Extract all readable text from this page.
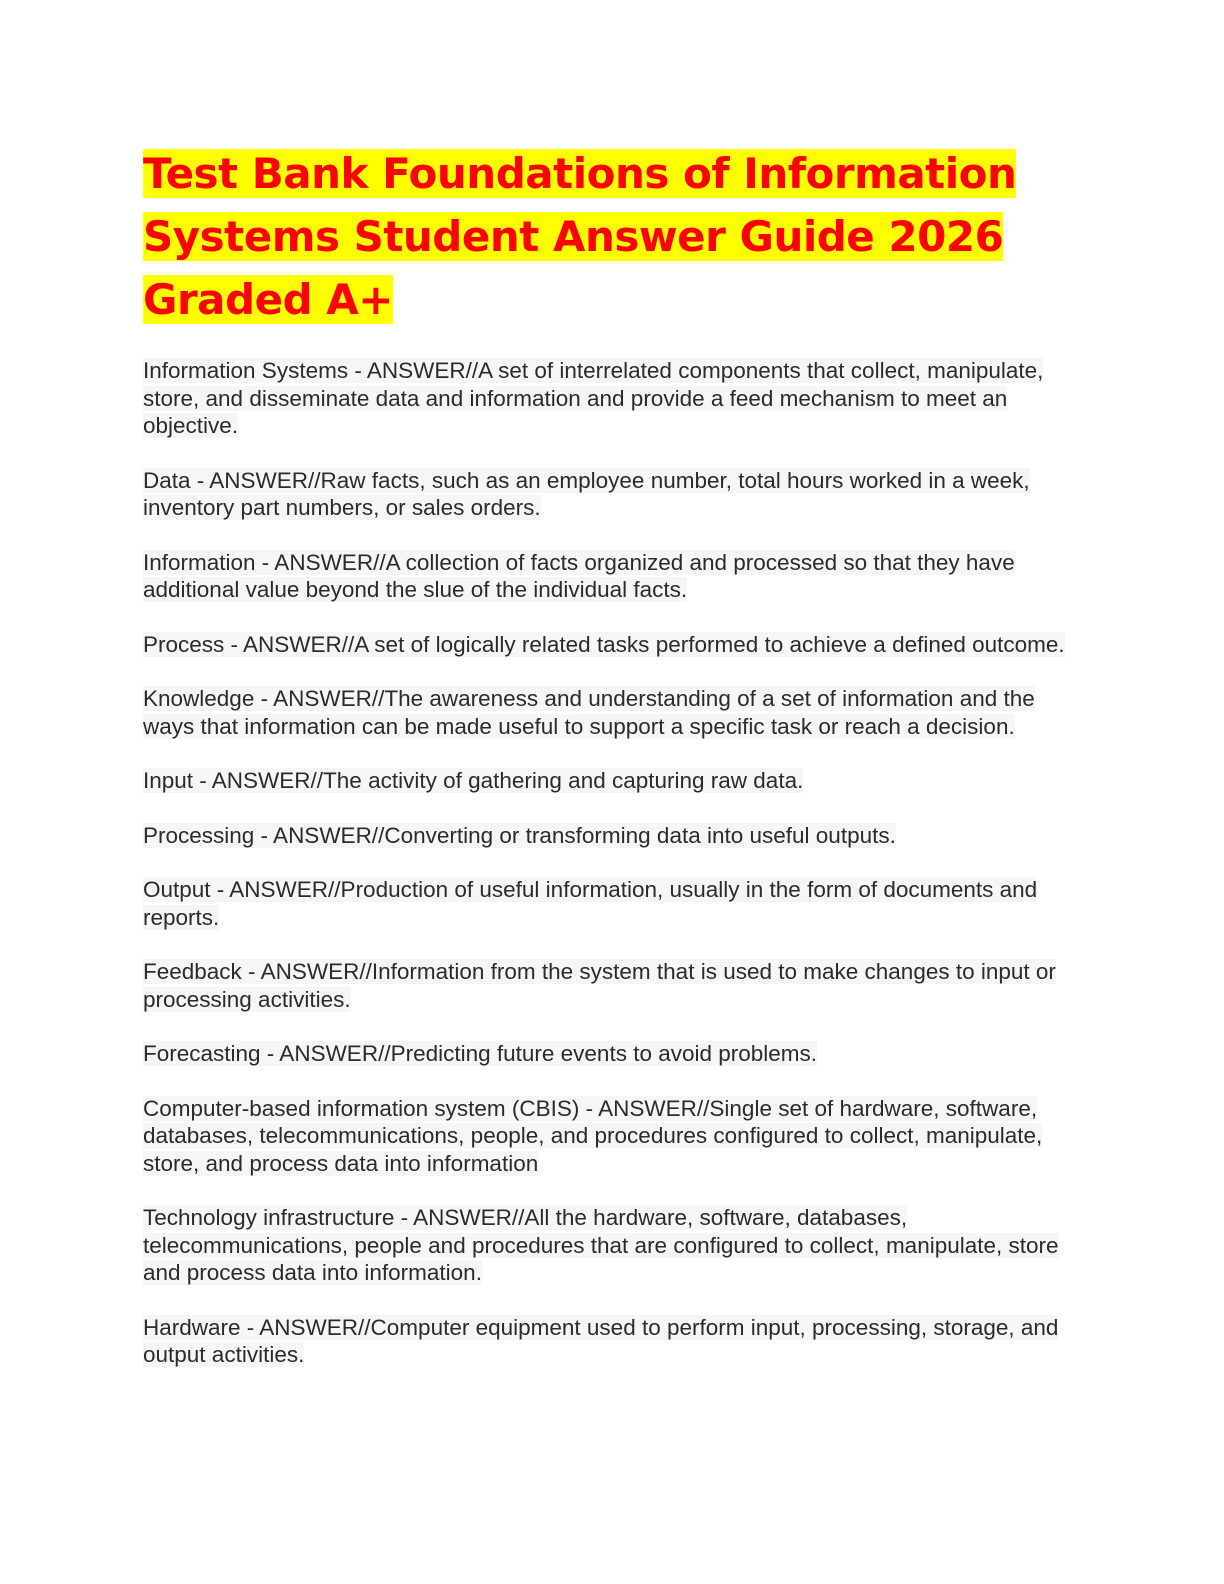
Test Bank Foundations of Information Systems Student Answer Guide 2026 Graded A+

Information Systems - ANSWER//A set of interrelated components that collect, manipulate, store, and disseminate data and information and provide a feed mechanism to meet an objective.

Data - ANSWER//Raw facts, such as an employee number, total hours worked in a week, inventory part numbers, or sales orders.

Information - ANSWER//A collection of facts organized and processed so that they have additional value beyond the slue of the individual facts.

Process - ANSWER//A set of logically related tasks performed to achieve a defined outcome.

Knowledge - ANSWER//The awareness and understanding of a set of information and the ways that information can be made useful to support a specific task or reach a decision.

Input - ANSWER//The activity of gathering and capturing raw data.

Processing - ANSWER//Converting or transforming data into useful outputs.

Output - ANSWER//Production of useful information, usually in the form of documents and reports.

Feedback - ANSWER//Information from the system that is used to make changes to input or processing activities.

Forecasting - ANSWER//Predicting future events to avoid problems.

Computer-based information system (CBIS) - ANSWER//Single set of hardware, software, databases, telecommunications, people, and procedures configured to collect, manipulate, store, and process data into information

Technology infrastructure - ANSWER//All the hardware, software, databases, telecommunications, people and procedures that are configured to collect, manipulate, store and process data into information.

Hardware - ANSWER//Computer equipment used to perform input, processing, storage, and output activities.
